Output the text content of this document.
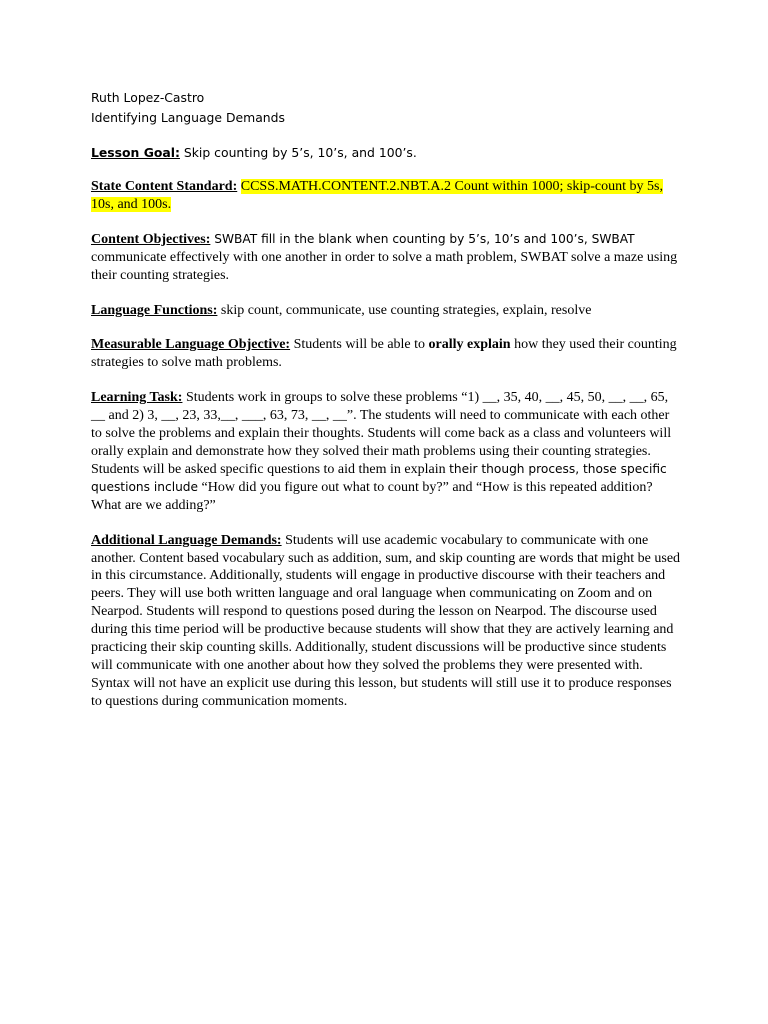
Ruth Lopez-Castro
Identifying Language Demands

Lesson Goal: Skip counting by 5’s, 10’s, and 100’s.

State Content Standard: CCSS.MATH.CONTENT.2.NBT.A.2 Count within 1000; skip-count by 5s, 10s, and 100s.

Content Objectives: SWBAT fill in the blank when counting by 5’s, 10’s and 100’s, SWBAT communicate effectively with one another in order to solve a math problem, SWBAT solve a maze using their counting strategies.

Language Functions: skip count, communicate, use counting strategies, explain, resolve

Measurable Language Objective: Students will be able to orally explain how they used their counting strategies to solve math problems.

Learning Task: Students work in groups to solve these problems “1) __, 35, 40, __, 45, 50, __, __, 65, __ and 2) 3, __, 23, 33,__, ___, 63, 73, __, __”. The students will need to communicate with each other to solve the problems and explain their thoughts. Students will come back as a class and volunteers will orally explain and demonstrate how they solved their math problems using their counting strategies. Students will be asked specific questions to aid them in explain their though process, those specific questions include “How did you figure out what to count by?” and “How is this repeated addition? What are we adding?”

Additional Language Demands: Students will use academic vocabulary to communicate with one another. Content based vocabulary such as addition, sum, and skip counting are words that might be used in this circumstance. Additionally, students will engage in productive discourse with their teachers and peers. They will use both written language and oral language when communicating on Zoom and on Nearpod. Students will respond to questions posed during the lesson on Nearpod. The discourse used during this time period will be productive because students will show that they are actively learning and practicing their skip counting skills. Additionally, student discussions will be productive since students will communicate with one another about how they solved the problems they were presented with. Syntax will not have an explicit use during this lesson, but students will still use it to produce responses to questions during communication moments.
